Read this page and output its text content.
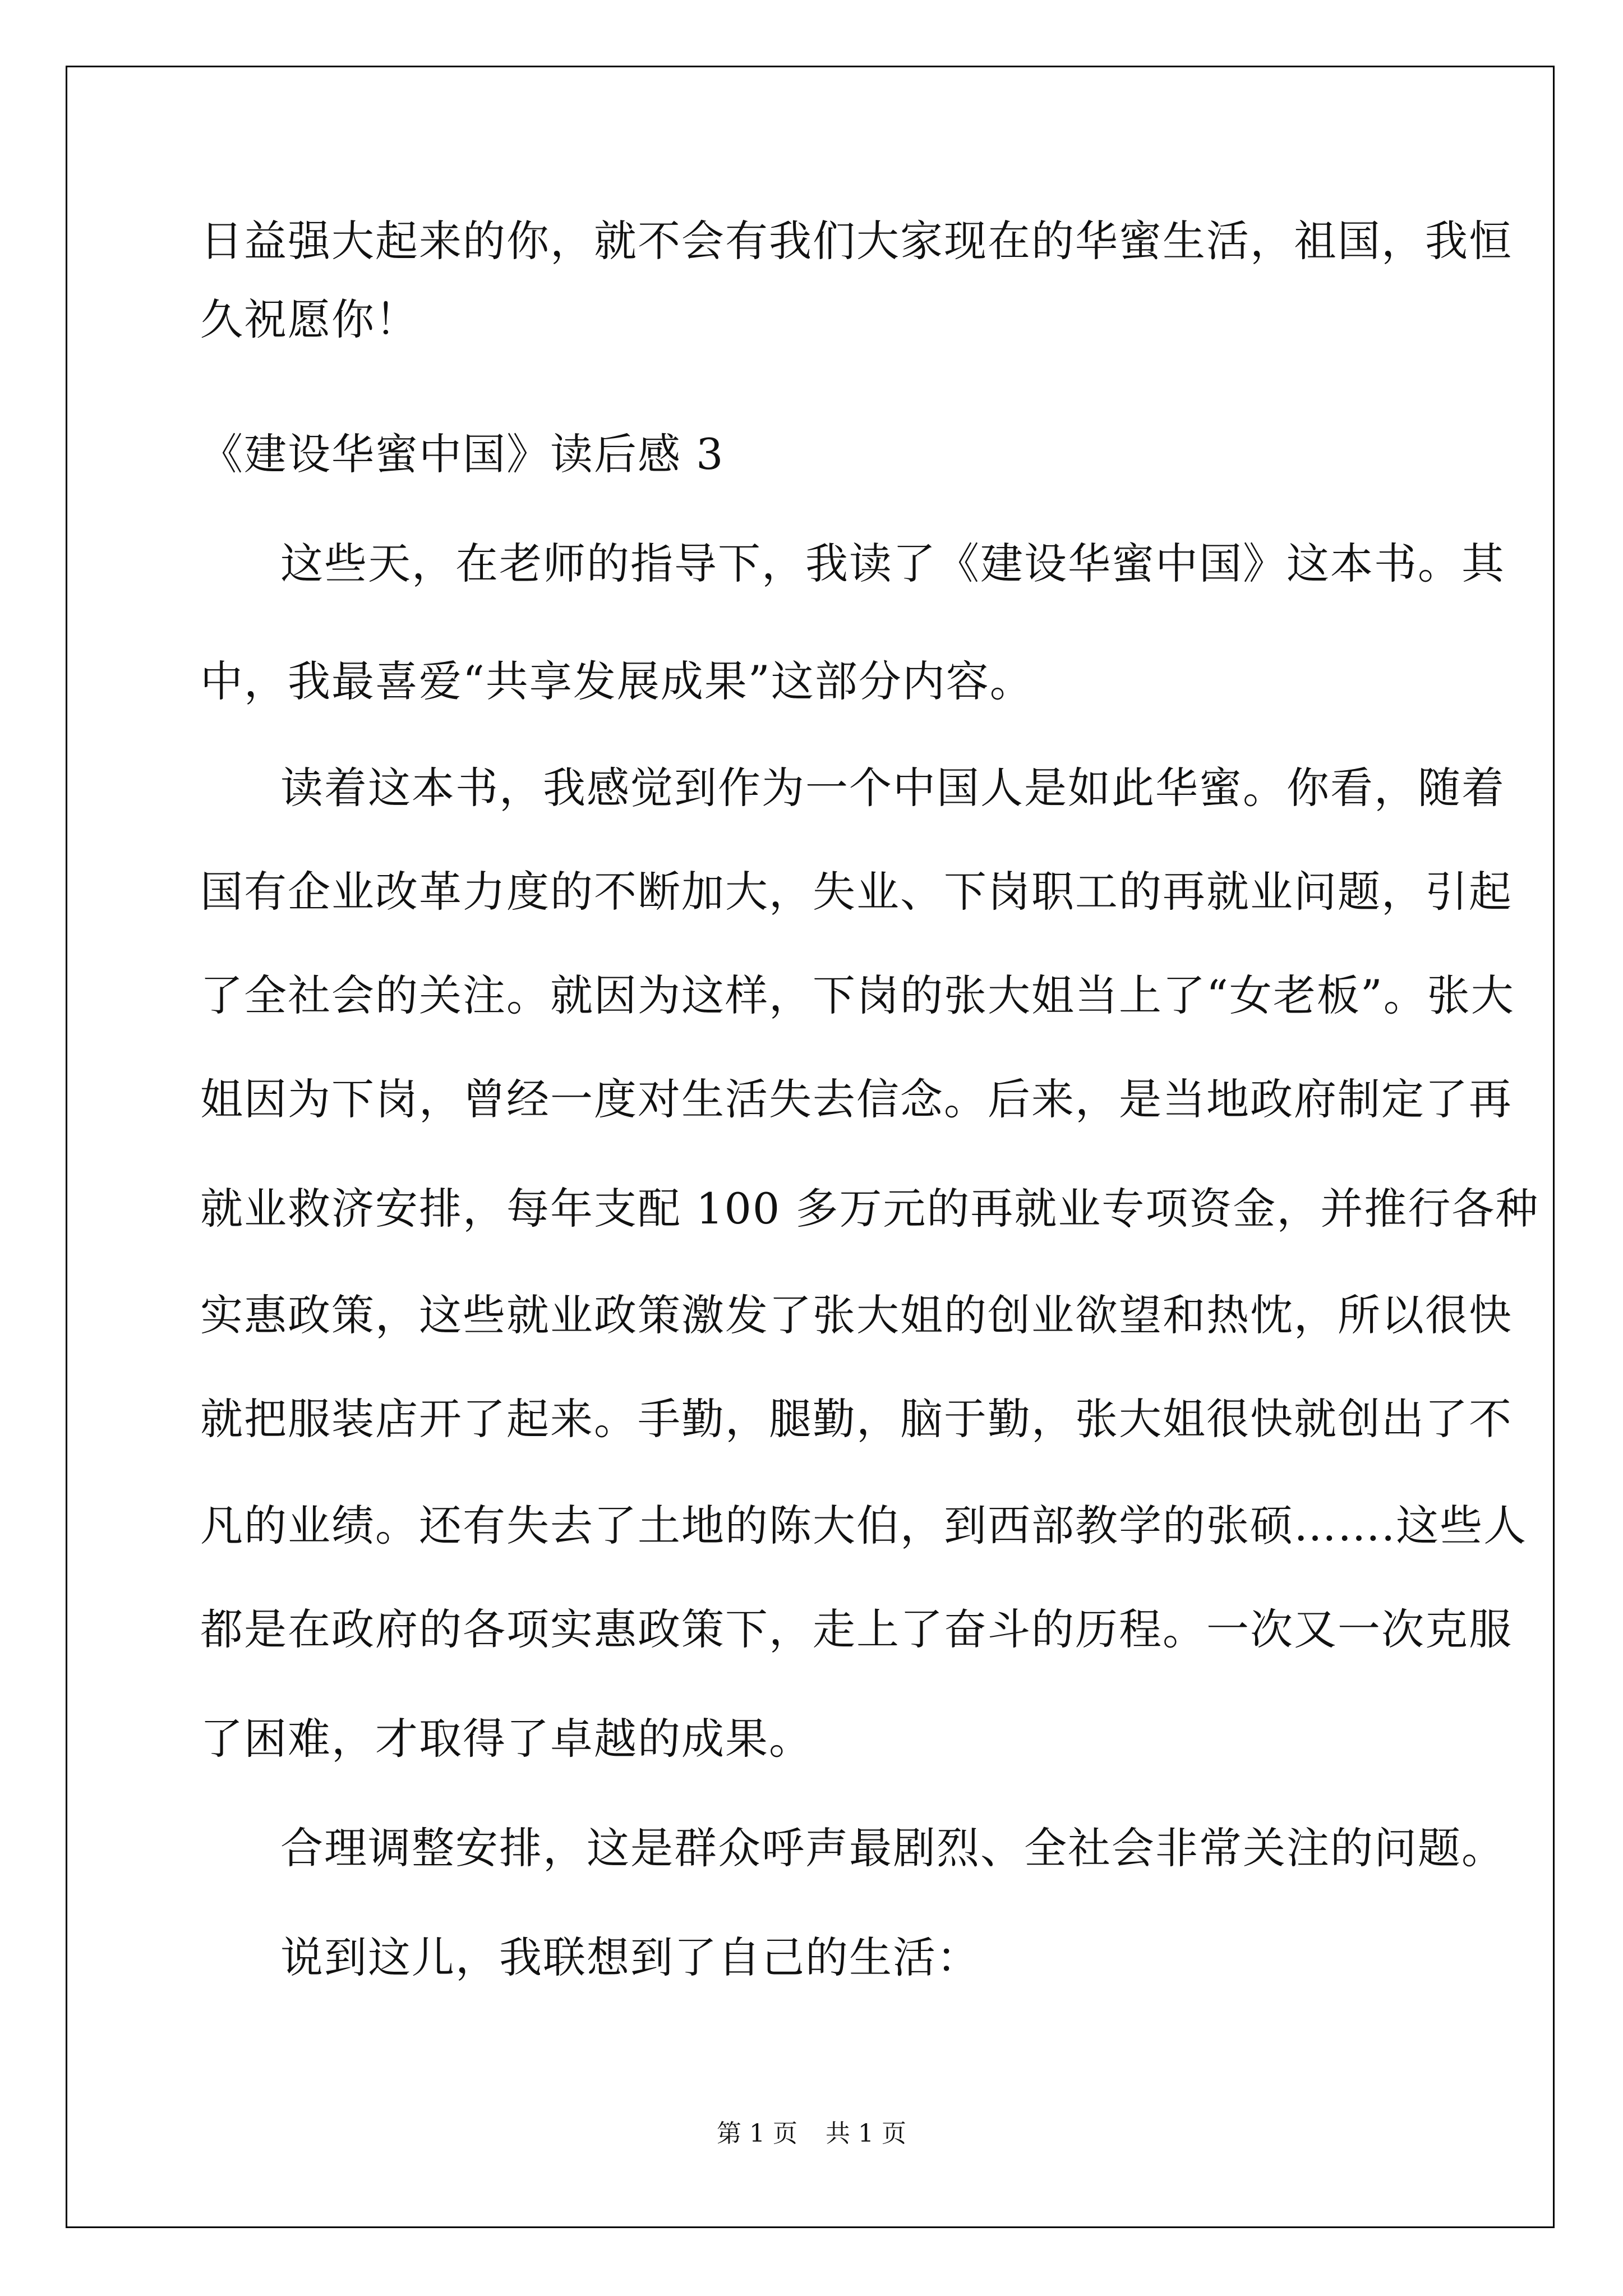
日益强大起来的你，就不会有我们大家现在的华蜜生活，祖国，我恒
久祝愿你！
《建设华蜜中国》读后感 3
这些天，在老师的指导下，我读了《建设华蜜中国》这本书。其
中，我最喜爱“共享发展成果”这部分内容。
读着这本书，我感觉到作为一个中国人是如此华蜜。你看，随着
国有企业改革力度的不断加大，失业、下岗职工的再就业问题，引起
了全社会的关注。就因为这样，下岗的张大姐当上了“女老板”。张大
姐因为下岗，曾经一度对生活失去信念。后来，是当地政府制定了再
就业救济安排，每年支配 100 多万元的再就业专项资金，并推行各种
实惠政策，这些就业政策激发了张大姐的创业欲望和热忱，所以很快
就把服装店开了起来。手勤，腿勤，脑于勤，张大姐很快就创出了不
凡的业绩。还有失去了土地的陈大伯，到西部教学的张硕…….这些人
都是在政府的各项实惠政策下，走上了奋斗的历程。一次又一次克服
了困难，才取得了卓越的成果。
合理调整安排，这是群众呼声最剧烈、全社会非常关注的问题。
说到这儿，我联想到了自己的生活：
第 1 页 共 1 页
